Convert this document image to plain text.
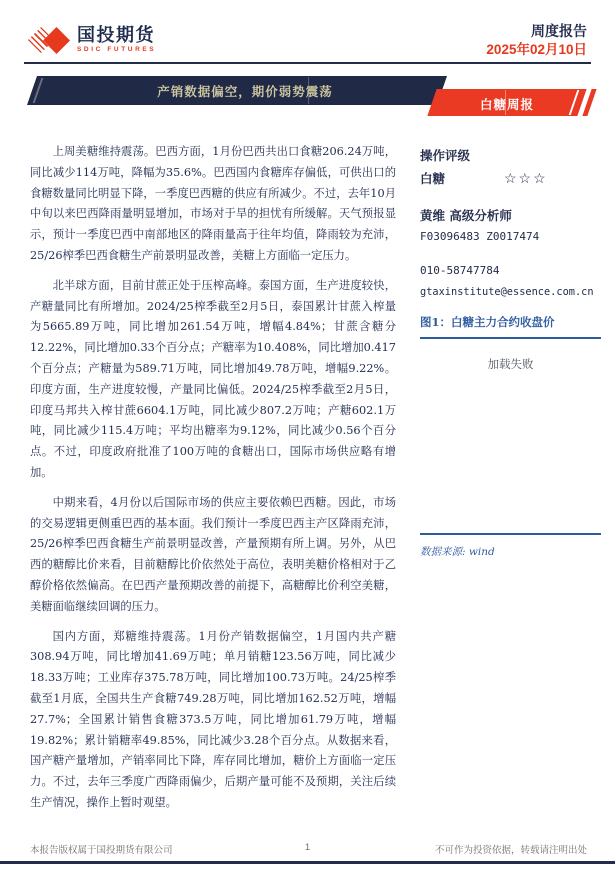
国投期货
SDIC FUTURES
周度报告
2025年02月10日
产销数据偏空，期价弱势震荡
白糖周报

上周美糖维持震荡。巴西方面，1月份巴西共出口食糖206.24万吨，同比减少114万吨，降幅为35.6%。巴西国内食糖库存偏低，可供出口的食糖数量同比明显下降，一季度巴西糖的供应有所减少。不过，去年10月中旬以来巴西降雨量明显增加，市场对于旱的担忧有所缓解。天气预报显示，预计一季度巴西中南部地区的降雨量高于往年均值，降雨较为充沛，25/26榨季巴西食糖生产前景明显改善，美糖上方面临一定压力。

北半球方面，目前甘蔗正处于压榨高峰。泰国方面，生产进度较快，产糖量同比有所增加。2024/25榨季截至2月5日，泰国累计甘蔗入榨量为5665.89万吨，同比增加261.54万吨，增幅4.84%；甘蔗含糖分12.22%，同比增加0.33个百分点；产糖率为10.408%，同比增加0.417个百分点；产糖量为589.71万吨，同比增加49.78万吨，增幅9.22%。印度方面，生产进度较慢，产量同比偏低。2024/25榨季截至2月5日，印度马邦共入榨甘蔗6604.1万吨，同比减少807.2万吨；产糖602.1万吨，同比减少115.4万吨；平均出糖率为9.12%，同比减少0.56个百分点。不过，印度政府批准了100万吨的食糖出口，国际市场供应略有增加。

中期来看，4月份以后国际市场的供应主要依赖巴西糖。因此，市场的交易逻辑更侧重巴西的基本面。我们预计一季度巴西主产区降雨充沛，25/26榨季巴西食糖生产前景明显改善，产量预期有所上调。另外，从巴西的糖醇比价来看，目前糖醇比价依然处于高位，表明美糖价格相对于乙醇价格依然偏高。在巴西产量预期改善的前提下，高糖醇比价利空美糖，美糖面临继续回调的压力。

国内方面，郑糖维持震荡。1月份产销数据偏空，1月国内共产糖308.94万吨，同比增加41.69万吨；单月销糖123.56万吨，同比减少18.33万吨；工业库存375.78万吨，同比增加100.73万吨。24/25榨季截至1月底，全国共生产食糖749.28万吨，同比增加162.52万吨，增幅27.7%；全国累计销售食糖373.5万吨，同比增加61.79万吨，增幅19.82%；累计销糖率49.85%，同比减少3.28个百分点。从数据来看，国产糖产量增加，产销率同比下降，库存同比增加，糖价上方面临一定压力。不过，去年三季度广西降雨偏少，后期产量可能不及预期，关注后续生产情况，操作上暂时观望。

操作评级
白糖	☆☆☆
黄维 高级分析师
F03096483 Z0017474
010-58747784
gtaxinstitute@essence.com.cn
图1：白糖主力合约收盘价
加载失败
数据来源: wind
本报告版权属于国投期货有限公司	1	不可作为投资依据，转载请注明出处
